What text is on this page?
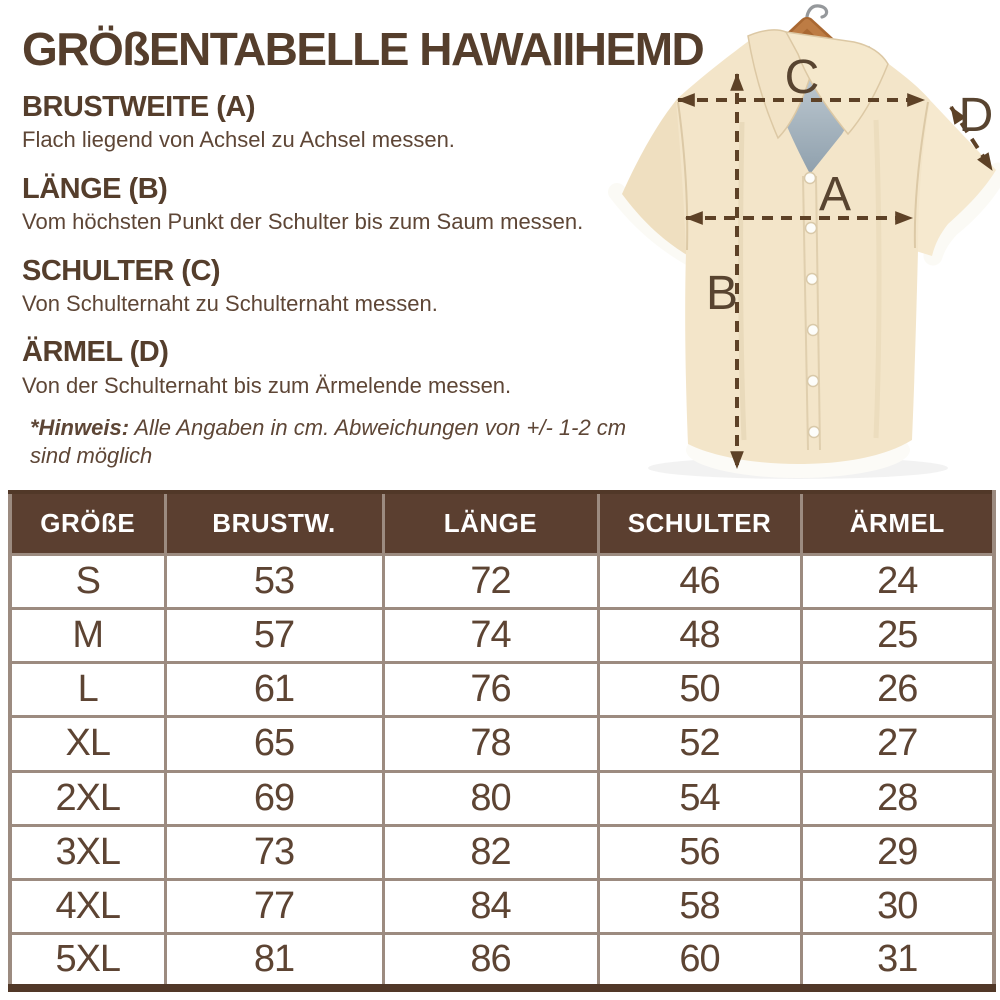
GRÖßENTABELLE HAWAIIHEMD
BRUSTWEITE (A)
Flach liegend von Achsel zu Achsel messen.
LÄNGE (B)
Vom höchsten Punkt der Schulter bis zum Saum messen.
SCHULTER (C)
Von Schulternaht zu Schulternaht messen.
ÄRMEL (D)
Von der Schulternaht bis zum Ärmelende messen.

*Hinweis: Alle Angaben in cm. Abweichungen von +/- 1-2 cm sind möglich

C
A
B
D
GRÖßE	BRUSTW.	LÄNGE	SCHULTER	ÄRMEL
S	53	72	46	24
M	57	74	48	25
L	61	76	50	26
XL	65	78	52	27
2XL	69	80	54	28
3XL	73	82	56	29
4XL	77	84	58	30
5XL	81	86	60	31
